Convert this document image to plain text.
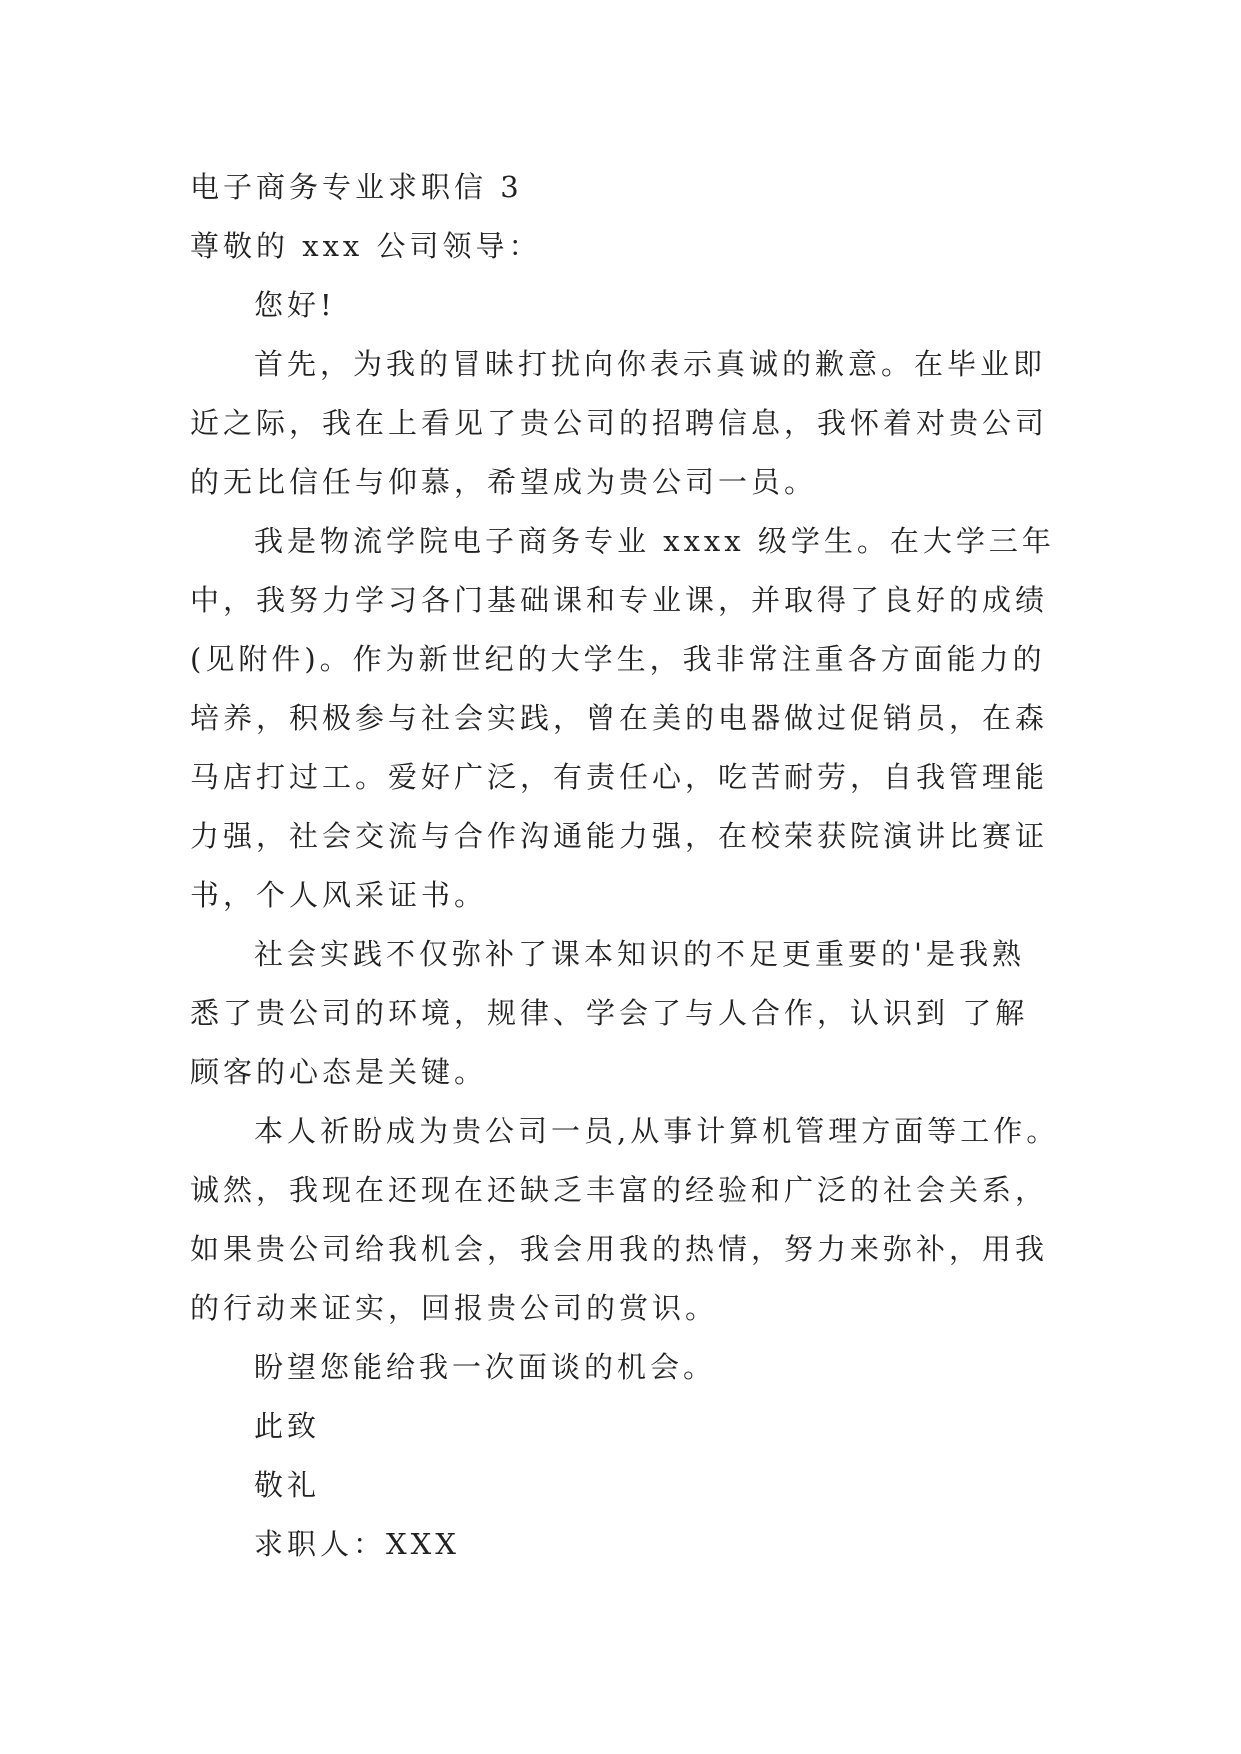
电子商务专业求职信 3
尊敬的 xxx 公司领导：
您好!
首先，为我的冒昧打扰向你表示真诚的歉意。在毕业即
近之际，我在上看见了贵公司的招聘信息，我怀着对贵公司
的无比信任与仰慕，希望成为贵公司一员。
我是物流学院电子商务专业 xxxx 级学生。在大学三年
中，我努力学习各门基础课和专业课，并取得了良好的成绩
(见附件)。作为新世纪的大学生，我非常注重各方面能力的
培养，积极参与社会实践，曾在美的电器做过促销员，在森
马店打过工。爱好广泛，有责任心，吃苦耐劳，自我管理能
力强，社会交流与合作沟通能力强，在校荣获院演讲比赛证
书，个人风采证书。
社会实践不仅弥补了课本知识的不足更重要的'是我熟
悉了贵公司的环境，规律、学会了与人合作，认识到 了解
顾客的心态是关键。
本人祈盼成为贵公司一员,从事计算机管理方面等工作。
诚然，我现在还现在还缺乏丰富的经验和广泛的社会关系，
如果贵公司给我机会，我会用我的热情，努力来弥补，用我
的行动来证实，回报贵公司的赏识。
盼望您能给我一次面谈的机会。
此致
敬礼
求职人：XXX
